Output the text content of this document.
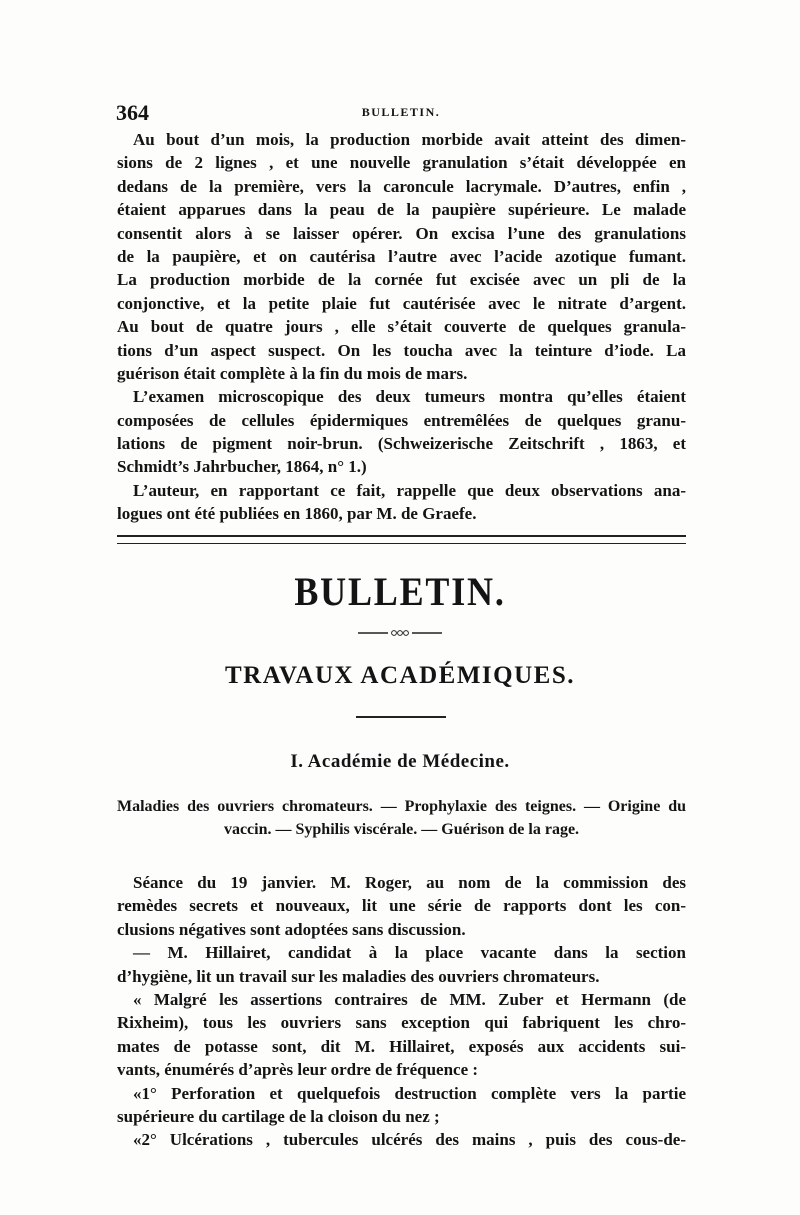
364	BULLETIN.
Au bout d’un mois, la production morbide avait atteint des dimen-
sions de 2 lignes , et une nouvelle granulation s’était développée en
dedans de la première, vers la caroncule lacrymale. D’autres, enfin ,
étaient apparues dans la peau de la paupière supérieure. Le malade
consentit alors à se laisser opérer. On excisa l’une des granulations
de la paupière, et on cautérisa l’autre avec l’acide azotique fumant.
La production morbide de la cornée fut excisée avec un pli de la
conjonctive, et la petite plaie fut cautérisée avec le nitrate d’argent.
Au bout de quatre jours , elle s’était couverte de quelques granula-
tions d’un aspect suspect. On les toucha avec la teinture d’iode. La
guérison était complète à la fin du mois de mars.
L’examen microscopique des deux tumeurs montra qu’elles étaient
composées de cellules épidermiques entremêlées de quelques granu-
lations de pigment noir-brun. (Schweizerische Zeitschrift , 1863, et
Schmidt’s Jahrbucher, 1864, n° 1.)
L’auteur, en rapportant ce fait, rappelle que deux observations ana-
logues ont été publiées en 1860, par M. de Graefe.
BULLETIN.
TRAVAUX ACADÉMIQUES.
I. Académie de Médecine.
Maladies des ouvriers chromateurs. — Prophylaxie des teignes. — Origine du
vaccin. — Syphilis viscérale. — Guérison de la rage.
Séance du 19 janvier. M. Roger, au nom de la commission des
remèdes secrets et nouveaux, lit une série de rapports dont les con-
clusions négatives sont adoptées sans discussion.
— M. Hillairet, candidat à la place vacante dans la section
d’hygiène, lit un travail sur les maladies des ouvriers chromateurs.
« Malgré les assertions contraires de MM. Zuber et Hermann (de
Rixheim), tous les ouvriers sans exception qui fabriquent les chro-
mates de potasse sont, dit M. Hillairet, exposés aux accidents sui-
vants, énumérés d’après leur ordre de fréquence :
«1° Perforation et quelquefois destruction complète vers la partie
supérieure du cartilage de la cloison du nez ;
«2° Ulcérations , tubercules ulcérés des mains , puis des cous-de-
